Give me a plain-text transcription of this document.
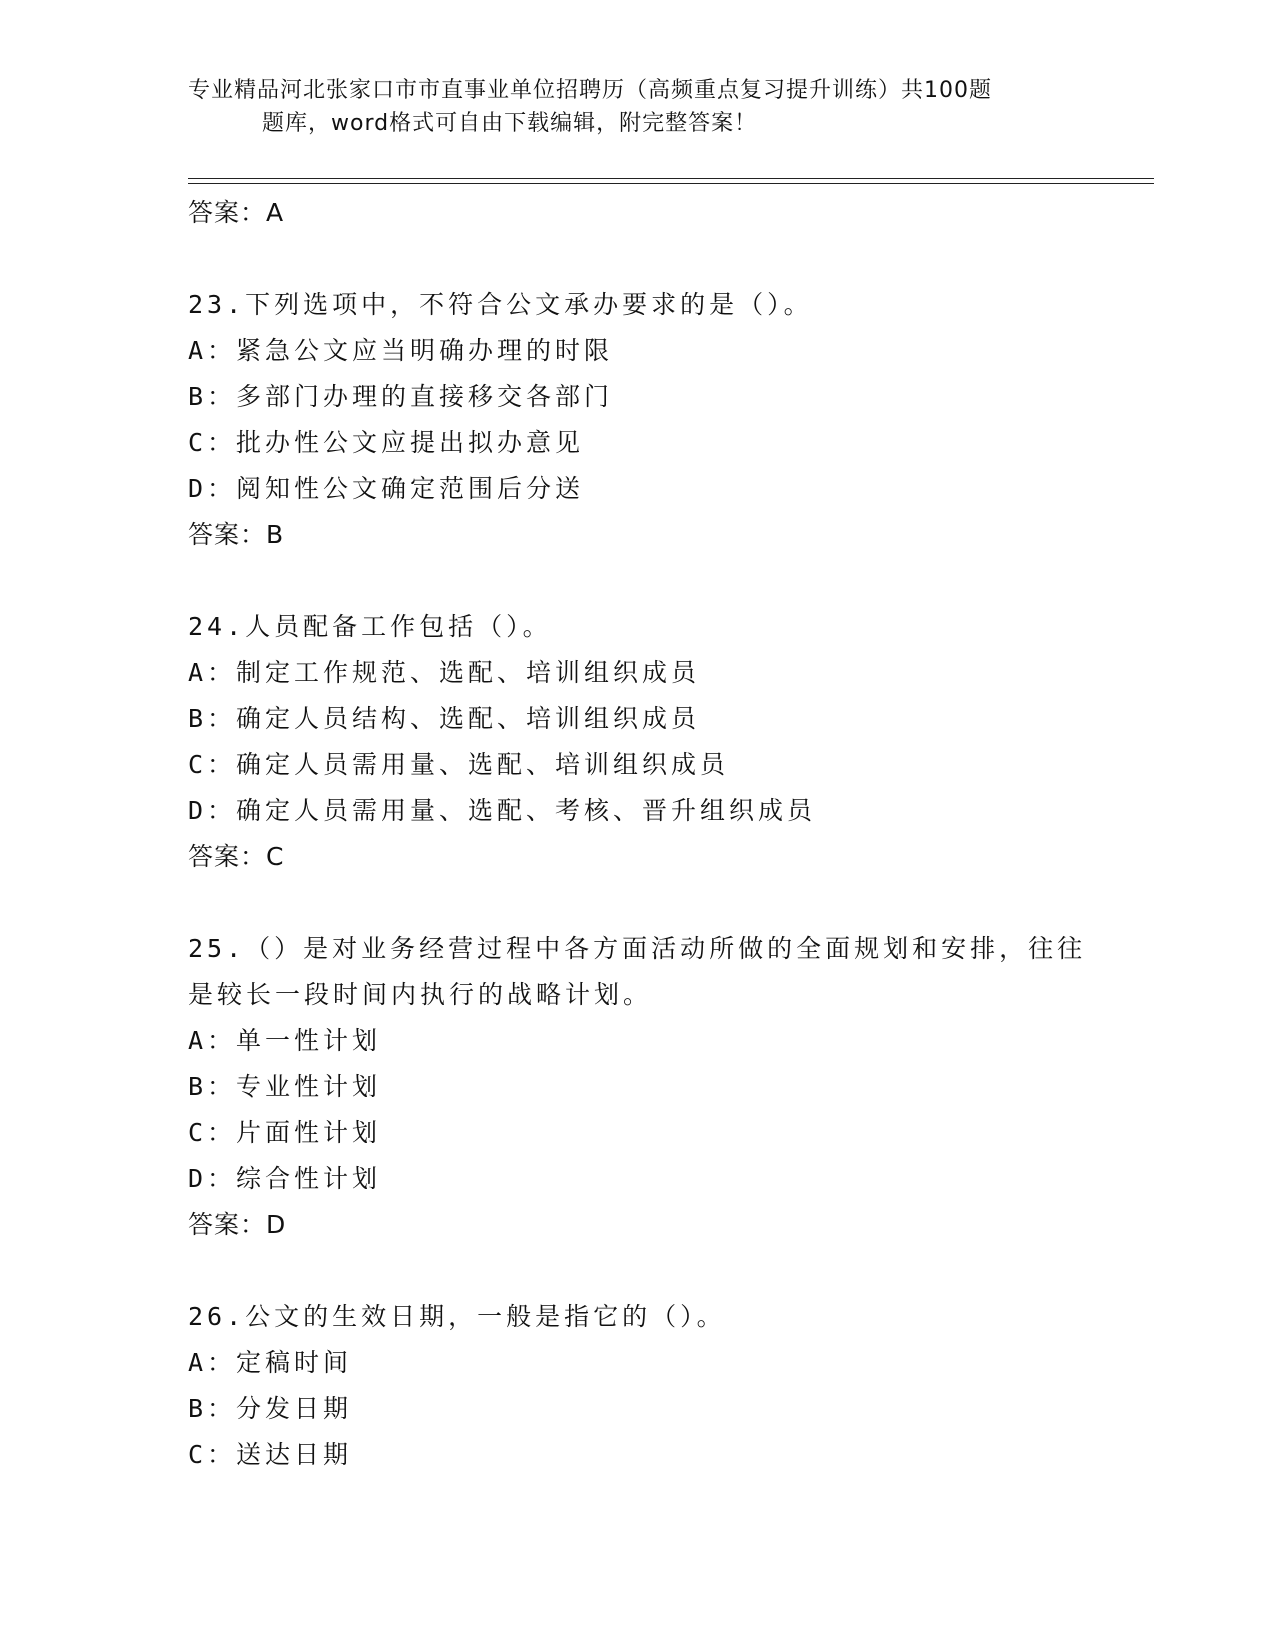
专业精品河北张家口市市直事业单位招聘历（高频重点复习提升训练）共100题
题库，word格式可自由下载编辑，附完整答案！
答案：A
23.下列选项中，不符合公文承办要求的是（）。
A：紧急公文应当明确办理的时限
B：多部门办理的直接移交各部门
C：批办性公文应提出拟办意见
D：阅知性公文确定范围后分送
答案：B
24.人员配备工作包括（）。
A：制定工作规范、选配、培训组织成员
B：确定人员结构、选配、培训组织成员
C：确定人员需用量、选配、培训组织成员
D：确定人员需用量、选配、考核、晋升组织成员
答案：C
25.（）是对业务经营过程中各方面活动所做的全面规划和安排，往往
是较长一段时间内执行的战略计划。
A：单一性计划
B：专业性计划
C：片面性计划
D：综合性计划
答案：D
26.公文的生效日期，一般是指它的（）。
A：定稿时间
B：分发日期
C：送达日期
